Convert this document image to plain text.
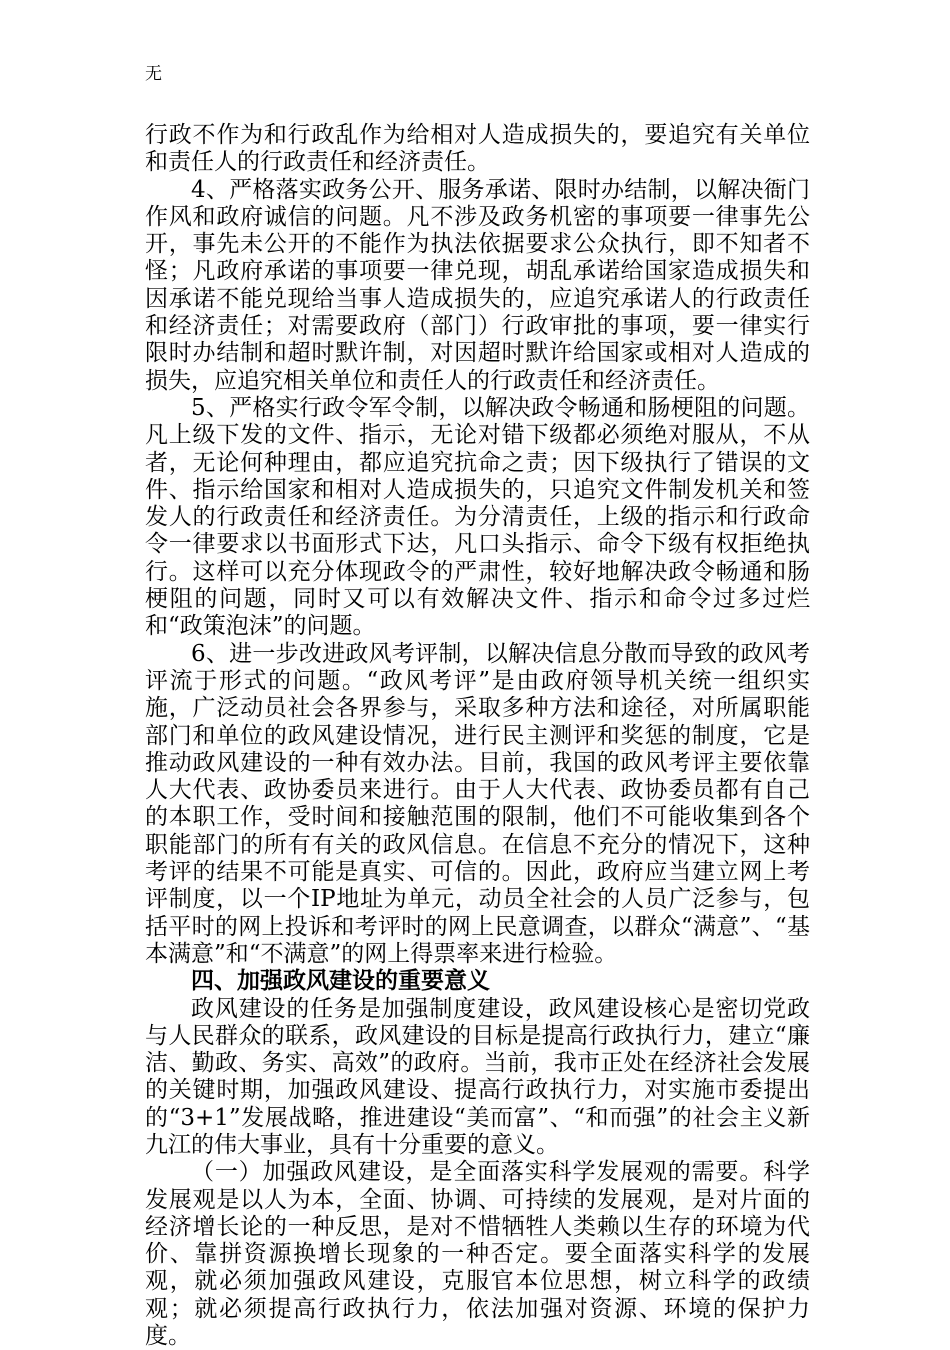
无

行政不作为和行政乱作为给相对人造成损失的，要追究有关单位和责任人的行政责任和经济责任。

4、严格落实政务公开、服务承诺、限时办结制，以解决衙门作风和政府诚信的问题。凡不涉及政务机密的事项要一律事先公开，事先未公开的不能作为执法依据要求公众执行，即不知者不怪；凡政府承诺的事项要一律兑现，胡乱承诺给国家造成损失和因承诺不能兑现给当事人造成损失的，应追究承诺人的行政责任和经济责任；对需要政府（部门）行政审批的事项，要一律实行限时办结制和超时默许制，对因超时默许给国家或相对人造成的损失，应追究相关单位和责任人的行政责任和经济责任。

5、严格实行政令军令制，以解决政令畅通和肠梗阻的问题。凡上级下发的文件、指示，无论对错下级都必须绝对服从，不从者，无论何种理由，都应追究抗命之责；因下级执行了错误的文件、指示给国家和相对人造成损失的，只追究文件制发机关和签发人的行政责任和经济责任。为分清责任，上级的指示和行政命令一律要求以书面形式下达，凡口头指示、命令下级有权拒绝执行。这样可以充分体现政令的严肃性，较好地解决政令畅通和肠梗阻的问题，同时又可以有效解决文件、指示和命令过多过烂和“政策泡沫”的问题。

6、进一步改进政风考评制，以解决信息分散而导致的政风考评流于形式的问题。“政风考评”是由政府领导机关统一组织实施，广泛动员社会各界参与，采取多种方法和途径，对所属职能部门和单位的政风建设情况，进行民主测评和奖惩的制度，它是推动政风建设的一种有效办法。目前，我国的政风考评主要依靠人大代表、政协委员来进行。由于人大代表、政协委员都有自己的本职工作，受时间和接触范围的限制，他们不可能收集到各个职能部门的所有有关的政风信息。在信息不充分的情况下，这种考评的结果不可能是真实、可信的。因此，政府应当建立网上考评制度，以一个IP地址为单元，动员全社会的人员广泛参与，包括平时的网上投诉和考评时的网上民意调查，以群众“满意”、“基本满意”和“不满意”的网上得票率来进行检验。

四、加强政风建设的重要意义

政风建设的任务是加强制度建设，政风建设核心是密切党政与人民群众的联系，政风建设的目标是提高行政执行力，建立“廉洁、勤政、务实、高效”的政府。当前，我市正处在经济社会发展的关键时期，加强政风建设、提高行政执行力，对实施市委提出的“3+1”发展战略，推进建设“美而富”、“和而强”的社会主义新九江的伟大事业，具有十分重要的意义。

（一）加强政风建设，是全面落实科学发展观的需要。科学发展观是以人为本，全面、协调、可持续的发展观，是对片面的经济增长论的一种反思，是对不惜牺牲人类赖以生存的环境为代价、靠拼资源换增长现象的一种否定。要全面落实科学的发展观，就必须加强政风建设，克服官本位思想，树立科学的政绩观；就必须提高行政执行力，依法加强对资源、环境的保护力度。
